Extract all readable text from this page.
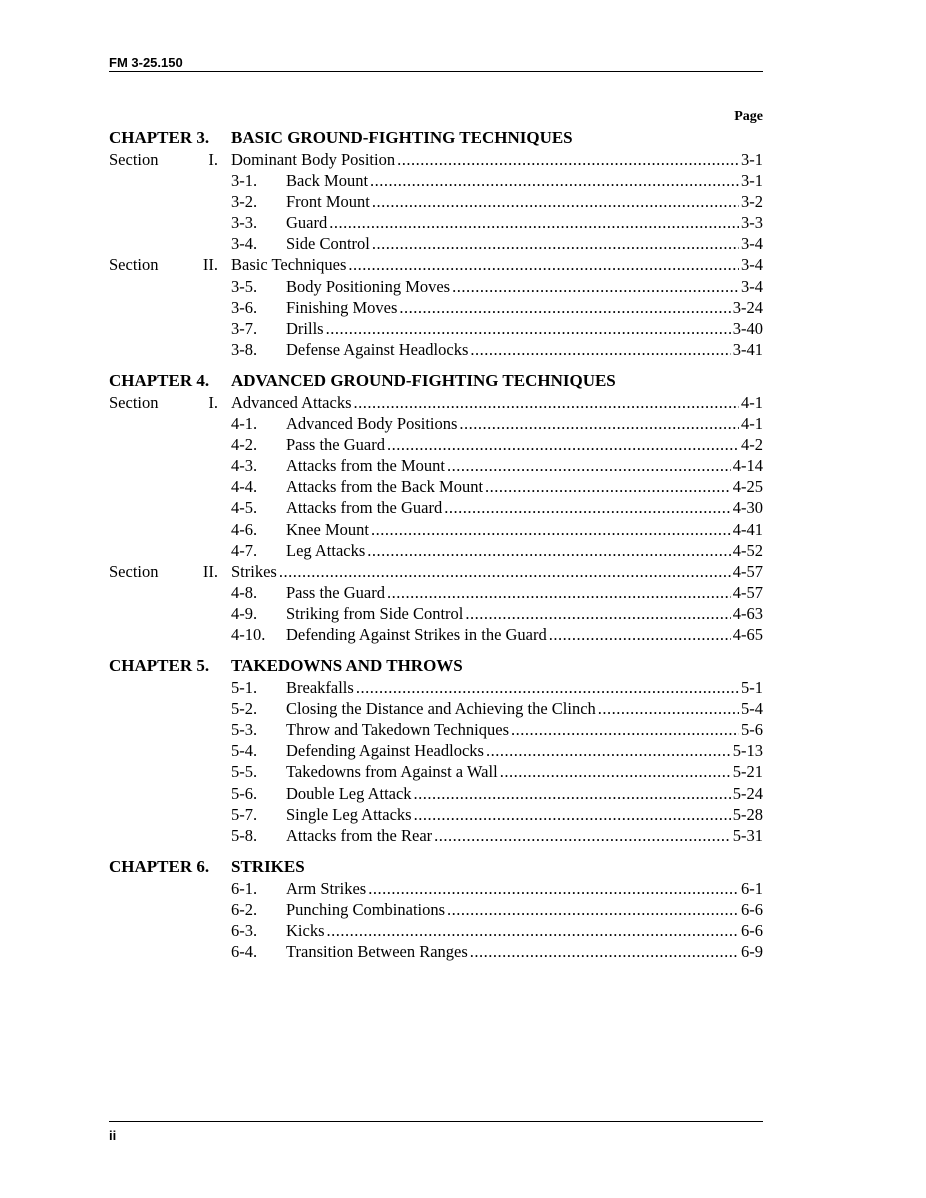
FM 3-25.150
Page
CHAPTER 3.	BASIC GROUND-FIGHTING TECHNIQUES
Section	I. Dominant Body Position .....	3-1
3-1. Back Mount .....	3-1
3-2. Front Mount .....	3-2
3-3. Guard .....	3-3
3-4. Side Control .....	3-4
Section	II. Basic Techniques .....	3-4
3-5. Body Positioning Moves .....	3-4
3-6. Finishing Moves .....	3-24
3-7. Drills .....	3-40
3-8. Defense Against Headlocks .....	3-41
CHAPTER 4.	ADVANCED GROUND-FIGHTING TECHNIQUES
Section	I. Advanced Attacks .....	4-1
4-1. Advanced Body Positions .....	4-1
4-2. Pass the Guard .....	4-2
4-3. Attacks from the Mount .....	4-14
4-4. Attacks from the Back Mount .....	4-25
4-5. Attacks from the Guard .....	4-30
4-6. Knee Mount .....	4-41
4-7. Leg Attacks .....	4-52
Section	II. Strikes .....	4-57
4-8. Pass the Guard .....	4-57
4-9. Striking from Side Control .....	4-63
4-10. Defending Against Strikes in the Guard .....	4-65
CHAPTER 5.	TAKEDOWNS AND THROWS
5-1. Breakfalls .....	5-1
5-2. Closing the Distance and Achieving the Clinch .....	5-4
5-3. Throw and Takedown Techniques .....	5-6
5-4. Defending Against Headlocks .....	5-13
5-5. Takedowns from Against a Wall .....	5-21
5-6. Double Leg Attack .....	5-24
5-7. Single Leg Attacks .....	5-28
5-8. Attacks from the Rear .....	5-31
CHAPTER 6.	STRIKES
6-1. Arm Strikes .....	6-1
6-2. Punching Combinations .....	6-6
6-3. Kicks .....	6-6
6-4. Transition Between Ranges .....	6-9
ii
